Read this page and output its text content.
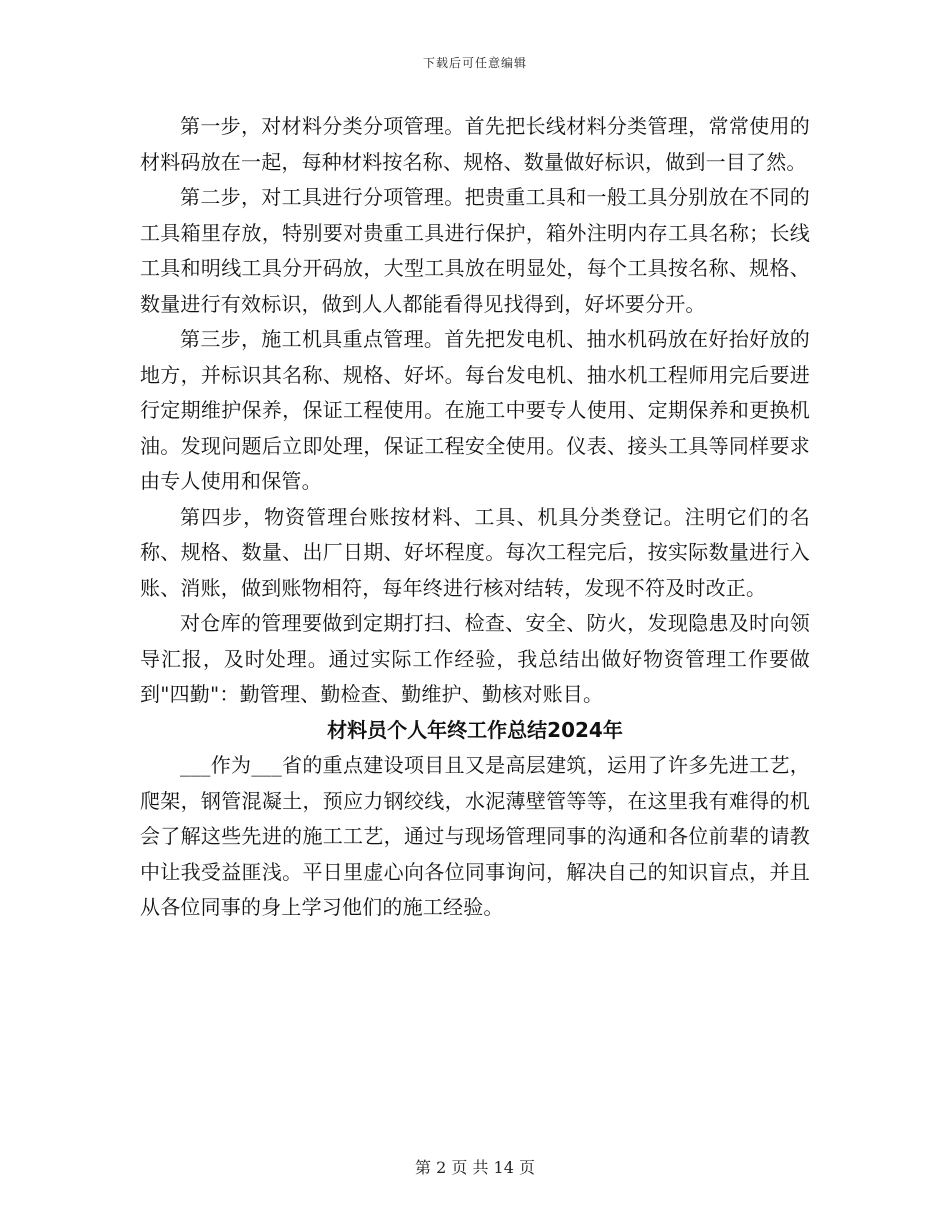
下载后可任意编辑

第一步，对材料分类分项管理。首先把长线材料分类管理，常常使用的材料码放在一起，每种材料按名称、规格、数量做好标识，做到一目了然。

第二步，对工具进行分项管理。把贵重工具和一般工具分别放在不同的工具箱里存放，特别要对贵重工具进行保护，箱外注明内存工具名称；长线工具和明线工具分开码放，大型工具放在明显处，每个工具按名称、规格、数量进行有效标识，做到人人都能看得见找得到，好坏要分开。

第三步，施工机具重点管理。首先把发电机、抽水机码放在好抬好放的地方，并标识其名称、规格、好坏。每台发电机、抽水机工程师用完后要进行定期维护保养，保证工程使用。在施工中要专人使用、定期保养和更换机油。发现问题后立即处理，保证工程安全使用。仪表、接头工具等同样要求由专人使用和保管。

第四步，物资管理台账按材料、工具、机具分类登记。注明它们的名称、规格、数量、出厂日期、好坏程度。每次工程完后，按实际数量进行入账、消账，做到账物相符，每年终进行核对结转，发现不符及时改正。

对仓库的管理要做到定期打扫、检查、安全、防火，发现隐患及时向领导汇报，及时处理。通过实际工作经验，我总结出做好物资管理工作要做到"四勤"：勤管理、勤检查、勤维护、勤核对账目。

材料员个人年终工作总结2024年

___作为___省的重点建设项目且又是高层建筑，运用了许多先进工艺，爬架，钢管混凝土，预应力钢绞线，水泥薄壁管等等，在这里我有难得的机会了解这些先进的施工工艺，通过与现场管理同事的沟通和各位前辈的请教中让我受益匪浅。平日里虚心向各位同事询问，解决自己的知识盲点，并且从各位同事的身上学习他们的施工经验。

第 2 页 共 14 页
